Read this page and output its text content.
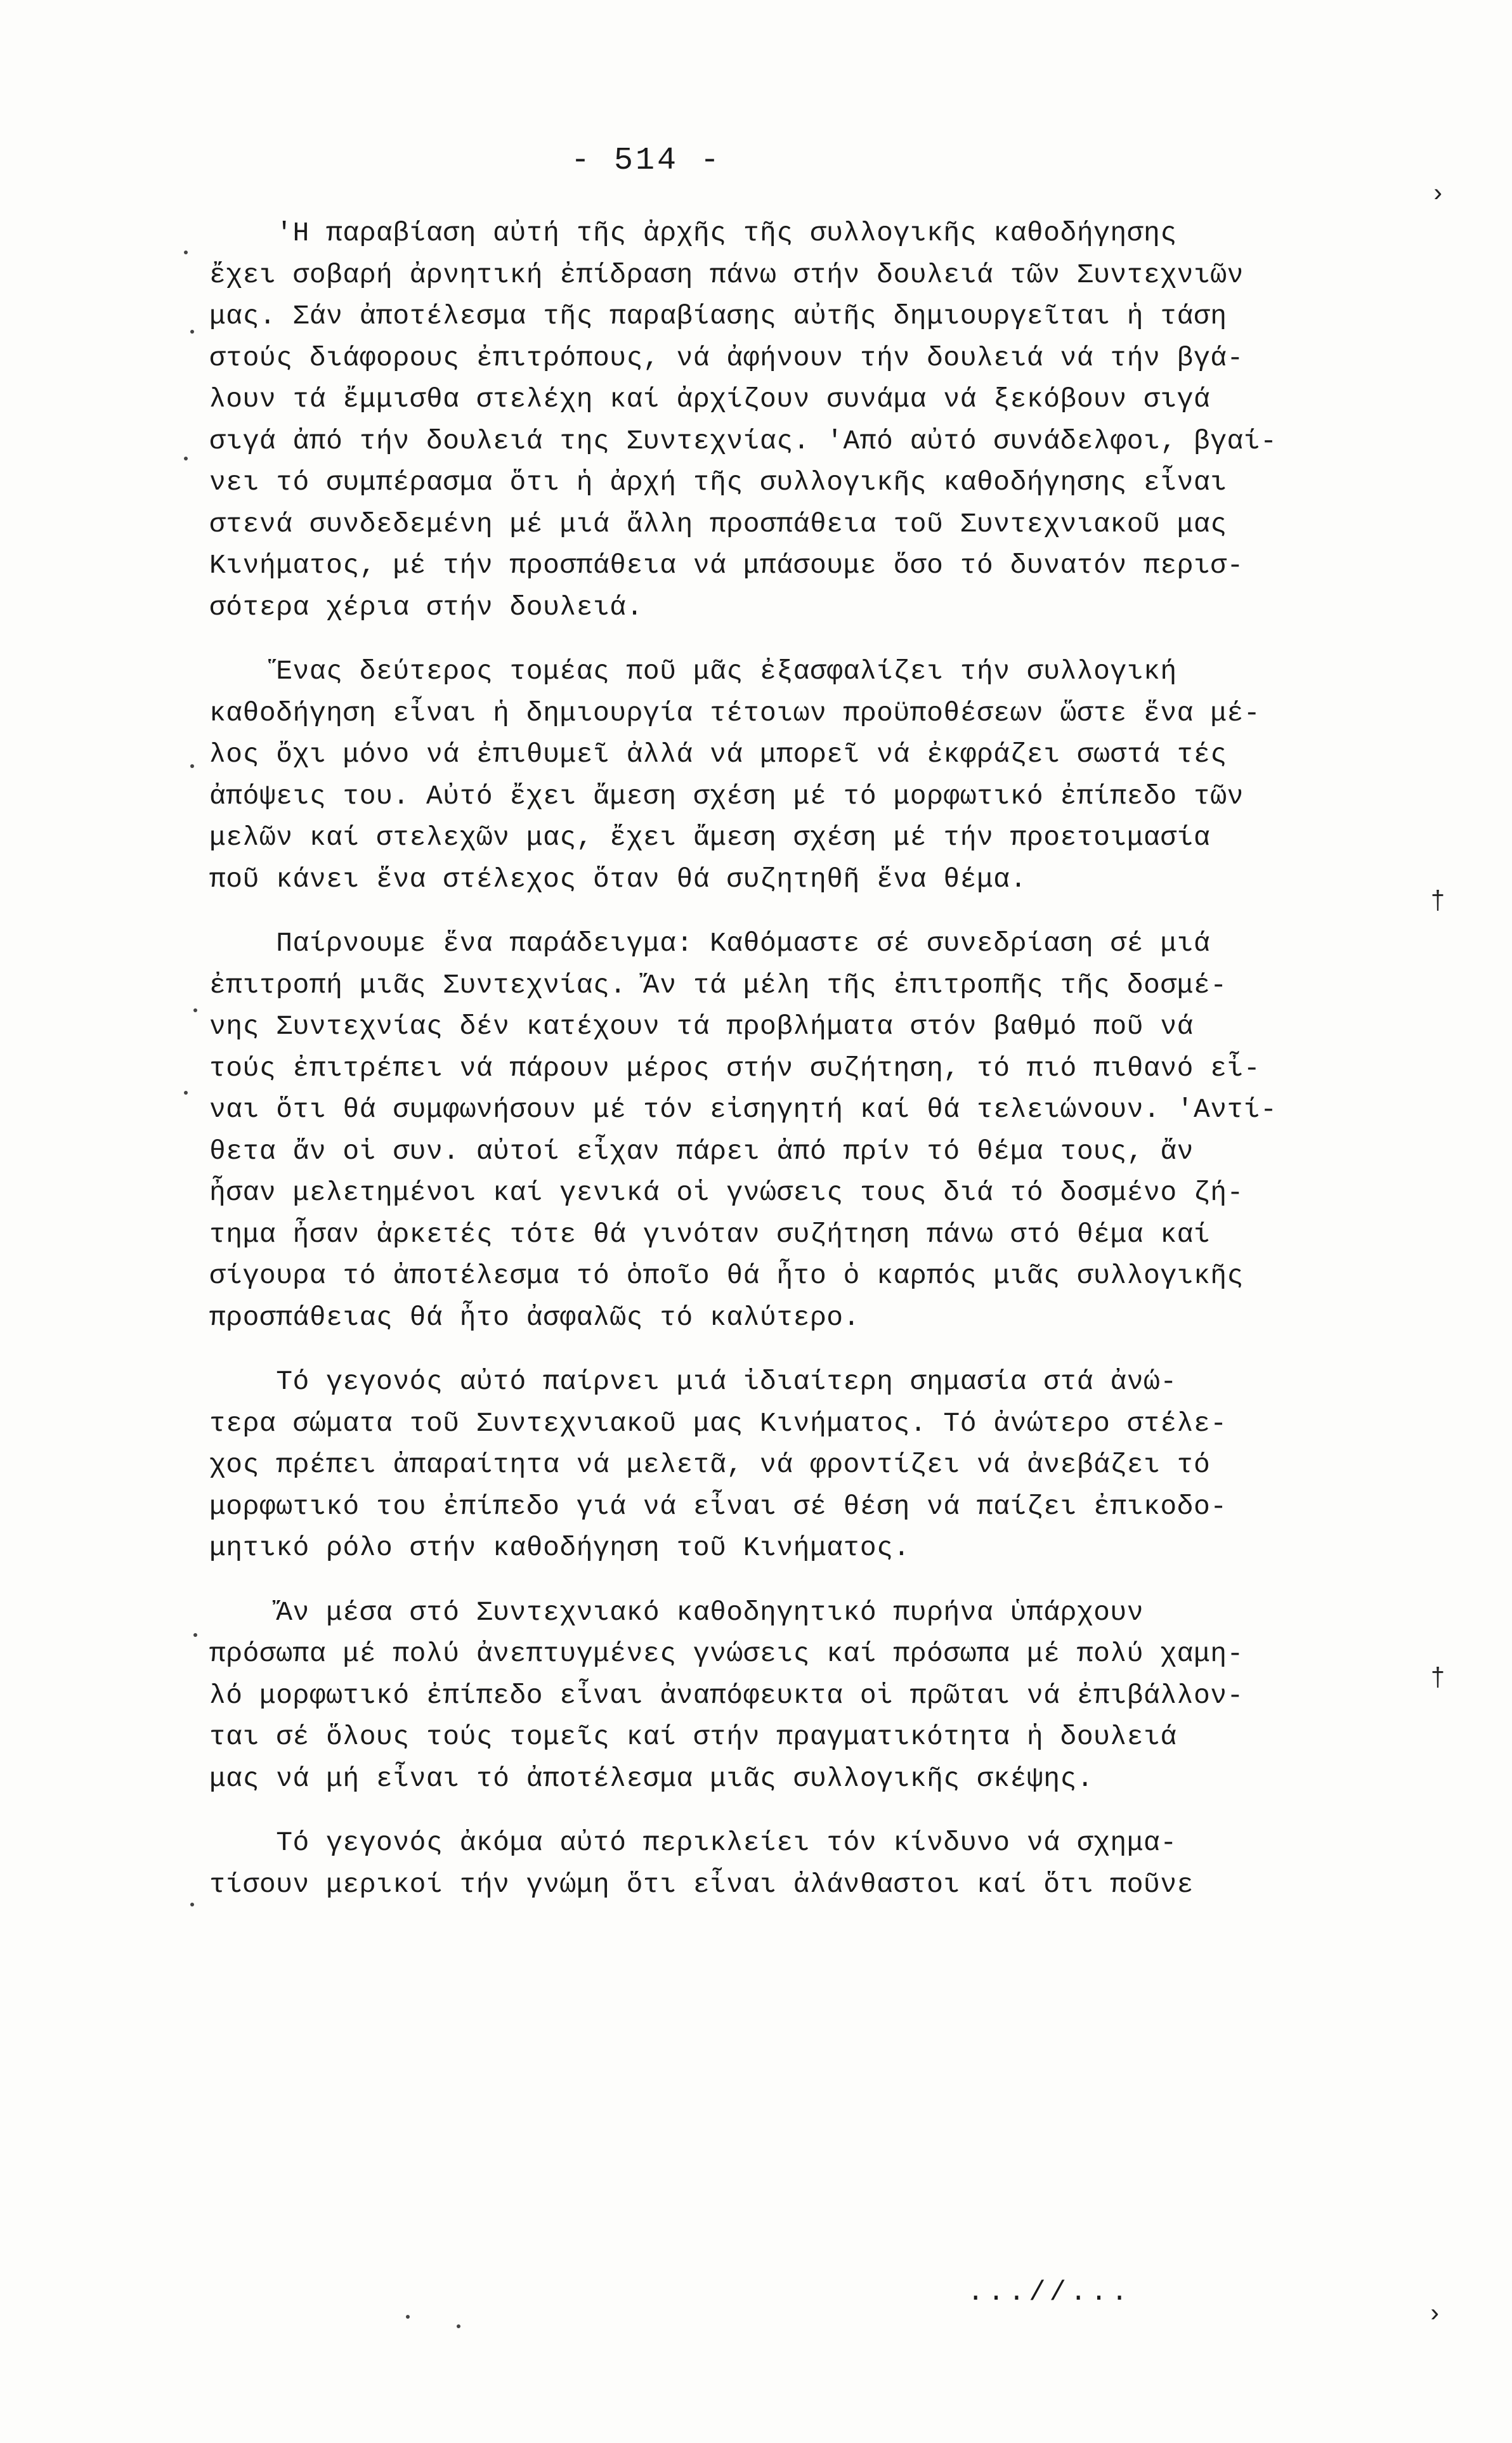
- 514 -
'Η παραβίαση αὐτή τῆς ἀρχῆς τῆς συλλογικῆς καθοδήγησης
ἔχει σοβαρή ἀρνητική ἐπίδραση πάνω στήν δουλειά τῶν Συντεχνιῶν
μας. Σάν ἀποτέλεσμα τῆς παραβίασης αὐτῆς δημιουργεῖται ἡ τάση
στούς διάφορους ἐπιτρόπους, νά ἀφήνουν τήν δουλειά νά τήν βγά-
λουν τά ἔμμισθα στελέχη καί ἀρχίζουν συνάμα νά ξεκόβουν σιγά
σιγά ἀπό τήν δουλειά της Συντεχνίας. 'Από αὐτό συνάδελφοι, βγαί-
νει τό συμπέρασμα ὅτι ἡ ἀρχή τῆς συλλογικῆς καθοδήγησης εἶναι
στενά συνδεδεμένη μέ μιά ἄλλη προσπάθεια τοῦ Συντεχνιακοῦ μας
Κινήματος, μέ τήν προσπάθεια νά μπάσουμε ὅσο τό δυνατόν περισ-
σότερα χέρια στήν δουλειά.
Ἕνας δεύτερος τομέας ποῦ μᾶς ἐξασφαλίζει τήν συλλογική
καθοδήγηση εἶναι ἡ δημιουργία τέτοιων προϋποθέσεων ὥστε ἕνα μέ-
λος ὄχι μόνο νά ἐπιθυμεῖ ἀλλά νά μπορεῖ νά ἐκφράζει σωστά τές
ἀπόψεις του. Αὐτό ἔχει ἄμεση σχέση μέ τό μορφωτικό ἐπίπεδο τῶν
μελῶν καί στελεχῶν μας, ἔχει ἄμεση σχέση μέ τήν προετοιμασία
ποῦ κάνει ἕνα στέλεχος ὅταν θά συζητηθῆ ἕνα θέμα.
Παίρνουμε ἕνα παράδειγμα: Καθόμαστε σέ συνεδρίαση σέ μιά
ἐπιτροπή μιᾶς Συντεχνίας. Ἄν τά μέλη τῆς ἐπιτροπῆς τῆς δοσμέ-
νης Συντεχνίας δέν κατέχουν τά προβλήματα στόν βαθμό ποῦ νά
τούς ἐπιτρέπει νά πάρουν μέρος στήν συζήτηση, τό πιό πιθανό εἶ-
ναι ὅτι θά συμφωνήσουν μέ τόν εἰσηγητή καί θά τελειώνουν. 'Αντί-
θετα ἄν οἱ συν. αὐτοί εἶχαν πάρει ἀπό πρίν τό θέμα τους, ἄν
ἦσαν μελετημένοι καί γενικά οἱ γνώσεις τους διά τό δοσμένο ζή-
τημα ἦσαν ἀρκετές τότε θά γινόταν συζήτηση πάνω στό θέμα καί
σίγουρα τό ἀποτέλεσμα τό ὁποῖο θά ἦτο ὁ καρπός μιᾶς συλλογικῆς
προσπάθειας θά ἦτο ἀσφαλῶς τό καλύτερο.
Τό γεγονός αὐτό παίρνει μιά ἰδιαίτερη σημασία στά ἀνώ-
τερα σώματα τοῦ Συντεχνιακοῦ μας Κινήματος. Τό ἀνώτερο στέλε-
χος πρέπει ἀπαραίτητα νά μελετᾶ, νά φροντίζει νά ἀνεβάζει τό
μορφωτικό του ἐπίπεδο γιά νά εἶναι σέ θέση νά παίζει ἐπικοδο-
μητικό ρόλο στήν καθοδήγηση τοῦ Κινήματος.
Ἄν μέσα στό Συντεχνιακό καθοδηγητικό πυρήνα ὑπάρχουν
πρόσωπα μέ πολύ ἀνεπτυγμένες γνώσεις καί πρόσωπα μέ πολύ χαμη-
λό μορφωτικό ἐπίπεδο εἶναι ἀναπόφευκτα οἱ πρῶται νά ἐπιβάλλον-
ται σέ ὅλους τούς τομεῖς καί στήν πραγματικότητα ἡ δουλειά
μας νά μή εἶναι τό ἀποτέλεσμα μιᾶς συλλογικῆς σκέψης.
Τό γεγονός ἀκόμα αὐτό περικλείει τόν κίνδυνο νά σχημα-
τίσουν μερικοί τήν γνώμη ὅτι εἶναι ἀλάνθαστοι καί ὅτι ποῦνε
...//...
›
†
†
›
